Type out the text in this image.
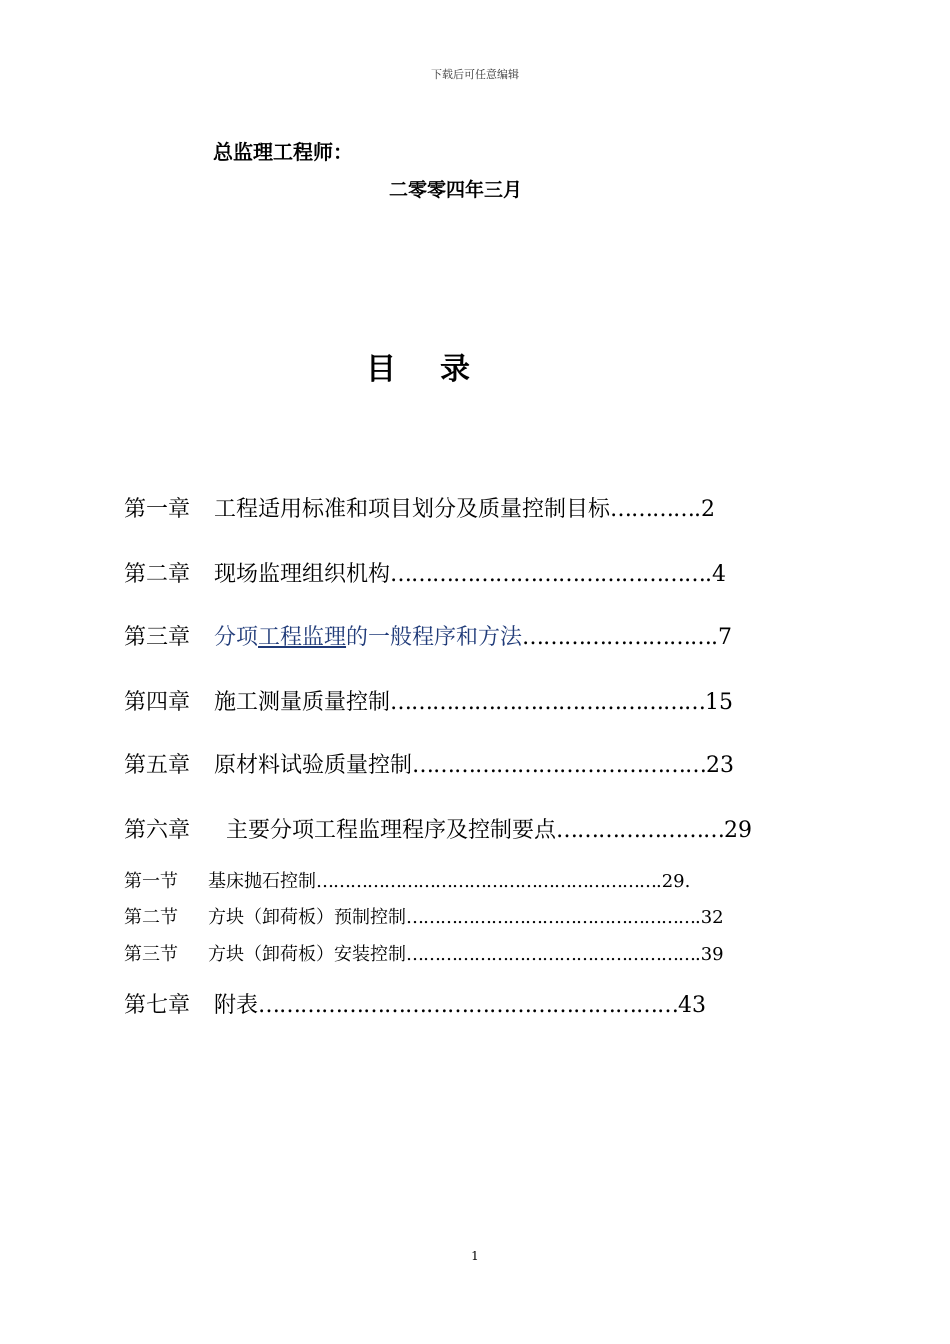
下载后可任意编辑
总监理工程师：
二零零四年三月
目录
第一章 工程适用标准和项目划分及质量控制目标………….2
第二章 现场监理组织机构……………………………………….4
第三章 分项工程监理的一般程序和方法……………………….7
第四章 施工测量质量控制………………………………………15
第五章 原材料试验质量控制……………………………………23
第六章 主要分项工程监理程序及控制要点……………………29
第一节 基床抛石控制…………………………………………………….29.
第二节 方块（卸荷板）预制控制…………………………………………….32
第三节 方块（卸荷板）安装控制…………………………………………….39
第七章 附表……………………………………………………43
1
